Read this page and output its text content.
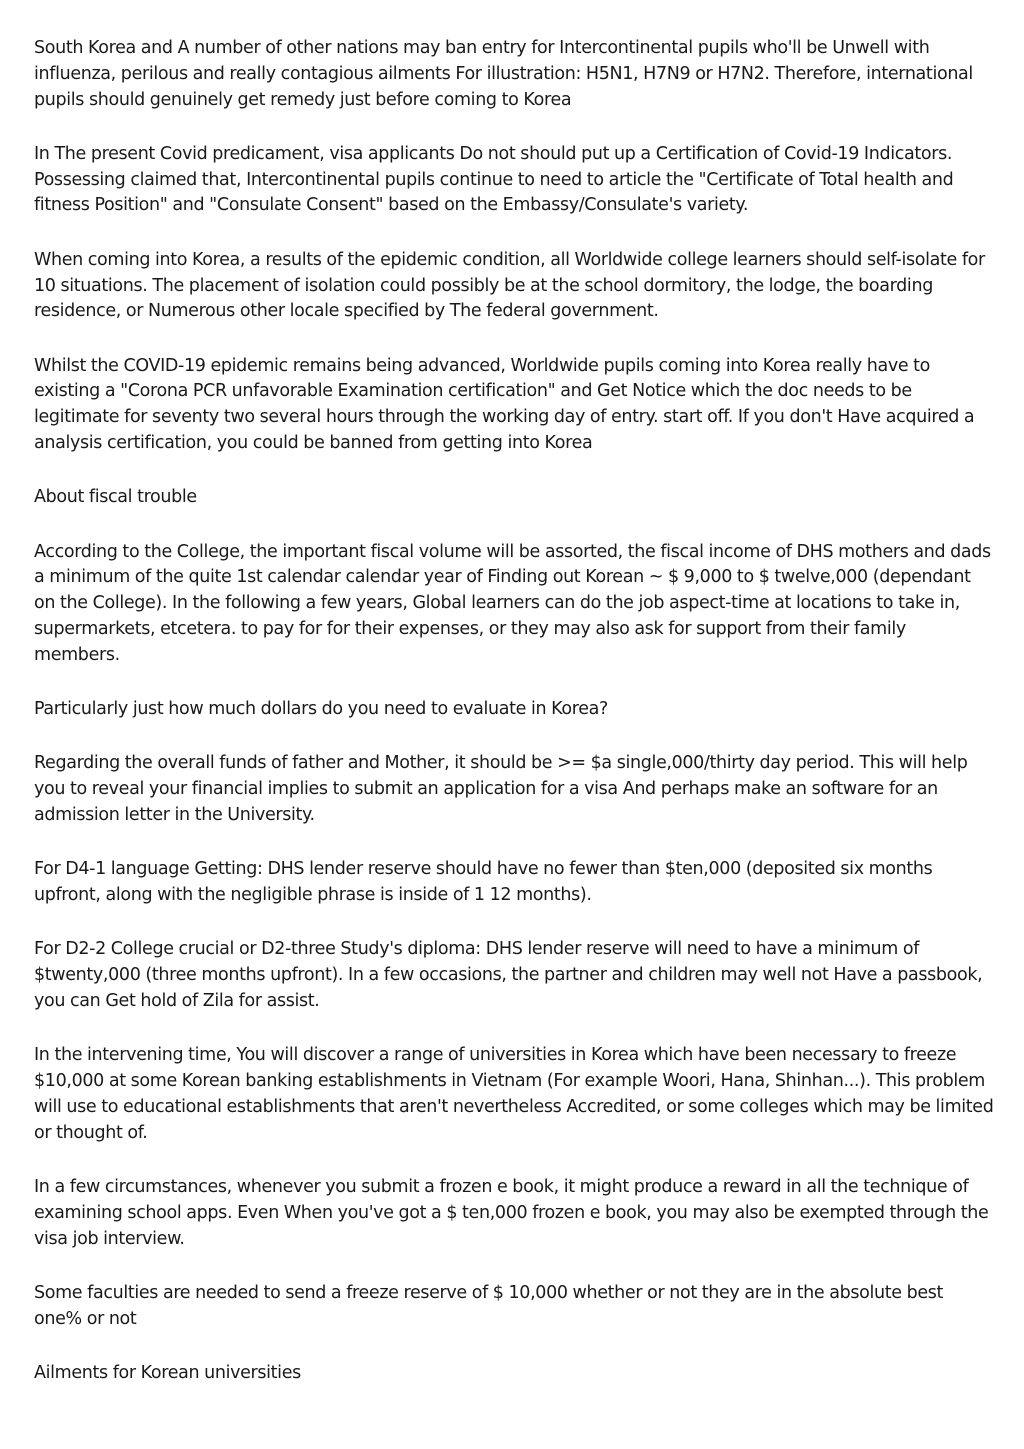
South Korea and A number of other nations may ban entry for Intercontinental pupils who'll be Unwell with influenza, perilous and really contagious ailments For illustration: H5N1, H7N9 or H7N2. Therefore, international pupils should genuinely get remedy just before coming to Korea

In The present Covid predicament, visa applicants Do not should put up a Certification of Covid-19 Indicators. Possessing claimed that, Intercontinental pupils continue to need to article the "Certificate of Total health and fitness Position" and "Consulate Consent" based on the Embassy/Consulate's variety.

When coming into Korea, a results of the epidemic condition, all Worldwide college learners should self-isolate for 10 situations. The placement of isolation could possibly be at the school dormitory, the lodge, the boarding residence, or Numerous other locale specified by The federal government.

Whilst the COVID-19 epidemic remains being advanced, Worldwide pupils coming into Korea really have to existing a "Corona PCR unfavorable Examination certification" and Get Notice which the doc needs to be legitimate for seventy two several hours through the working day of entry. start off. If you don't Have acquired a analysis certification, you could be banned from getting into Korea

About fiscal trouble

According to the College, the important fiscal volume will be assorted, the fiscal income of DHS mothers and dads a minimum of the quite 1st calendar calendar year of Finding out Korean ~ $ 9,000 to $ twelve,000 (dependant on the College). In the following a few years, Global learners can do the job aspect-time at locations to take in, supermarkets, etcetera. to pay for for their expenses, or they may also ask for support from their family members.

Particularly just how much dollars do you need to evaluate in Korea?

Regarding the overall funds of father and Mother, it should be >= $a single,000/thirty day period. This will help you to reveal your financial implies to submit an application for a visa And perhaps make an software for an admission letter in the University.

For D4-1 language Getting: DHS lender reserve should have no fewer than $ten,000 (deposited six months upfront, along with the negligible phrase is inside of 1 12 months).

For D2-2 College crucial or D2-three Study's diploma: DHS lender reserve will need to have a minimum of $twenty,000 (three months upfront). In a few occasions, the partner and children may well not Have a passbook, you can Get hold of Zila for assist.

In the intervening time, You will discover a range of universities in Korea which have been necessary to freeze $10,000 at some Korean banking establishments in Vietnam (For example Woori, Hana, Shinhan...). This problem will use to educational establishments that aren't nevertheless Accredited, or some colleges which may be limited or thought of.

In a few circumstances, whenever you submit a frozen e book, it might produce a reward in all the technique of examining school apps. Even When you've got a $ ten,000 frozen e book, you may also be exempted through the visa job interview.

Some faculties are needed to send a freeze reserve of $ 10,000 whether or not they are in the absolute best one% or not

Ailments for Korean universities
